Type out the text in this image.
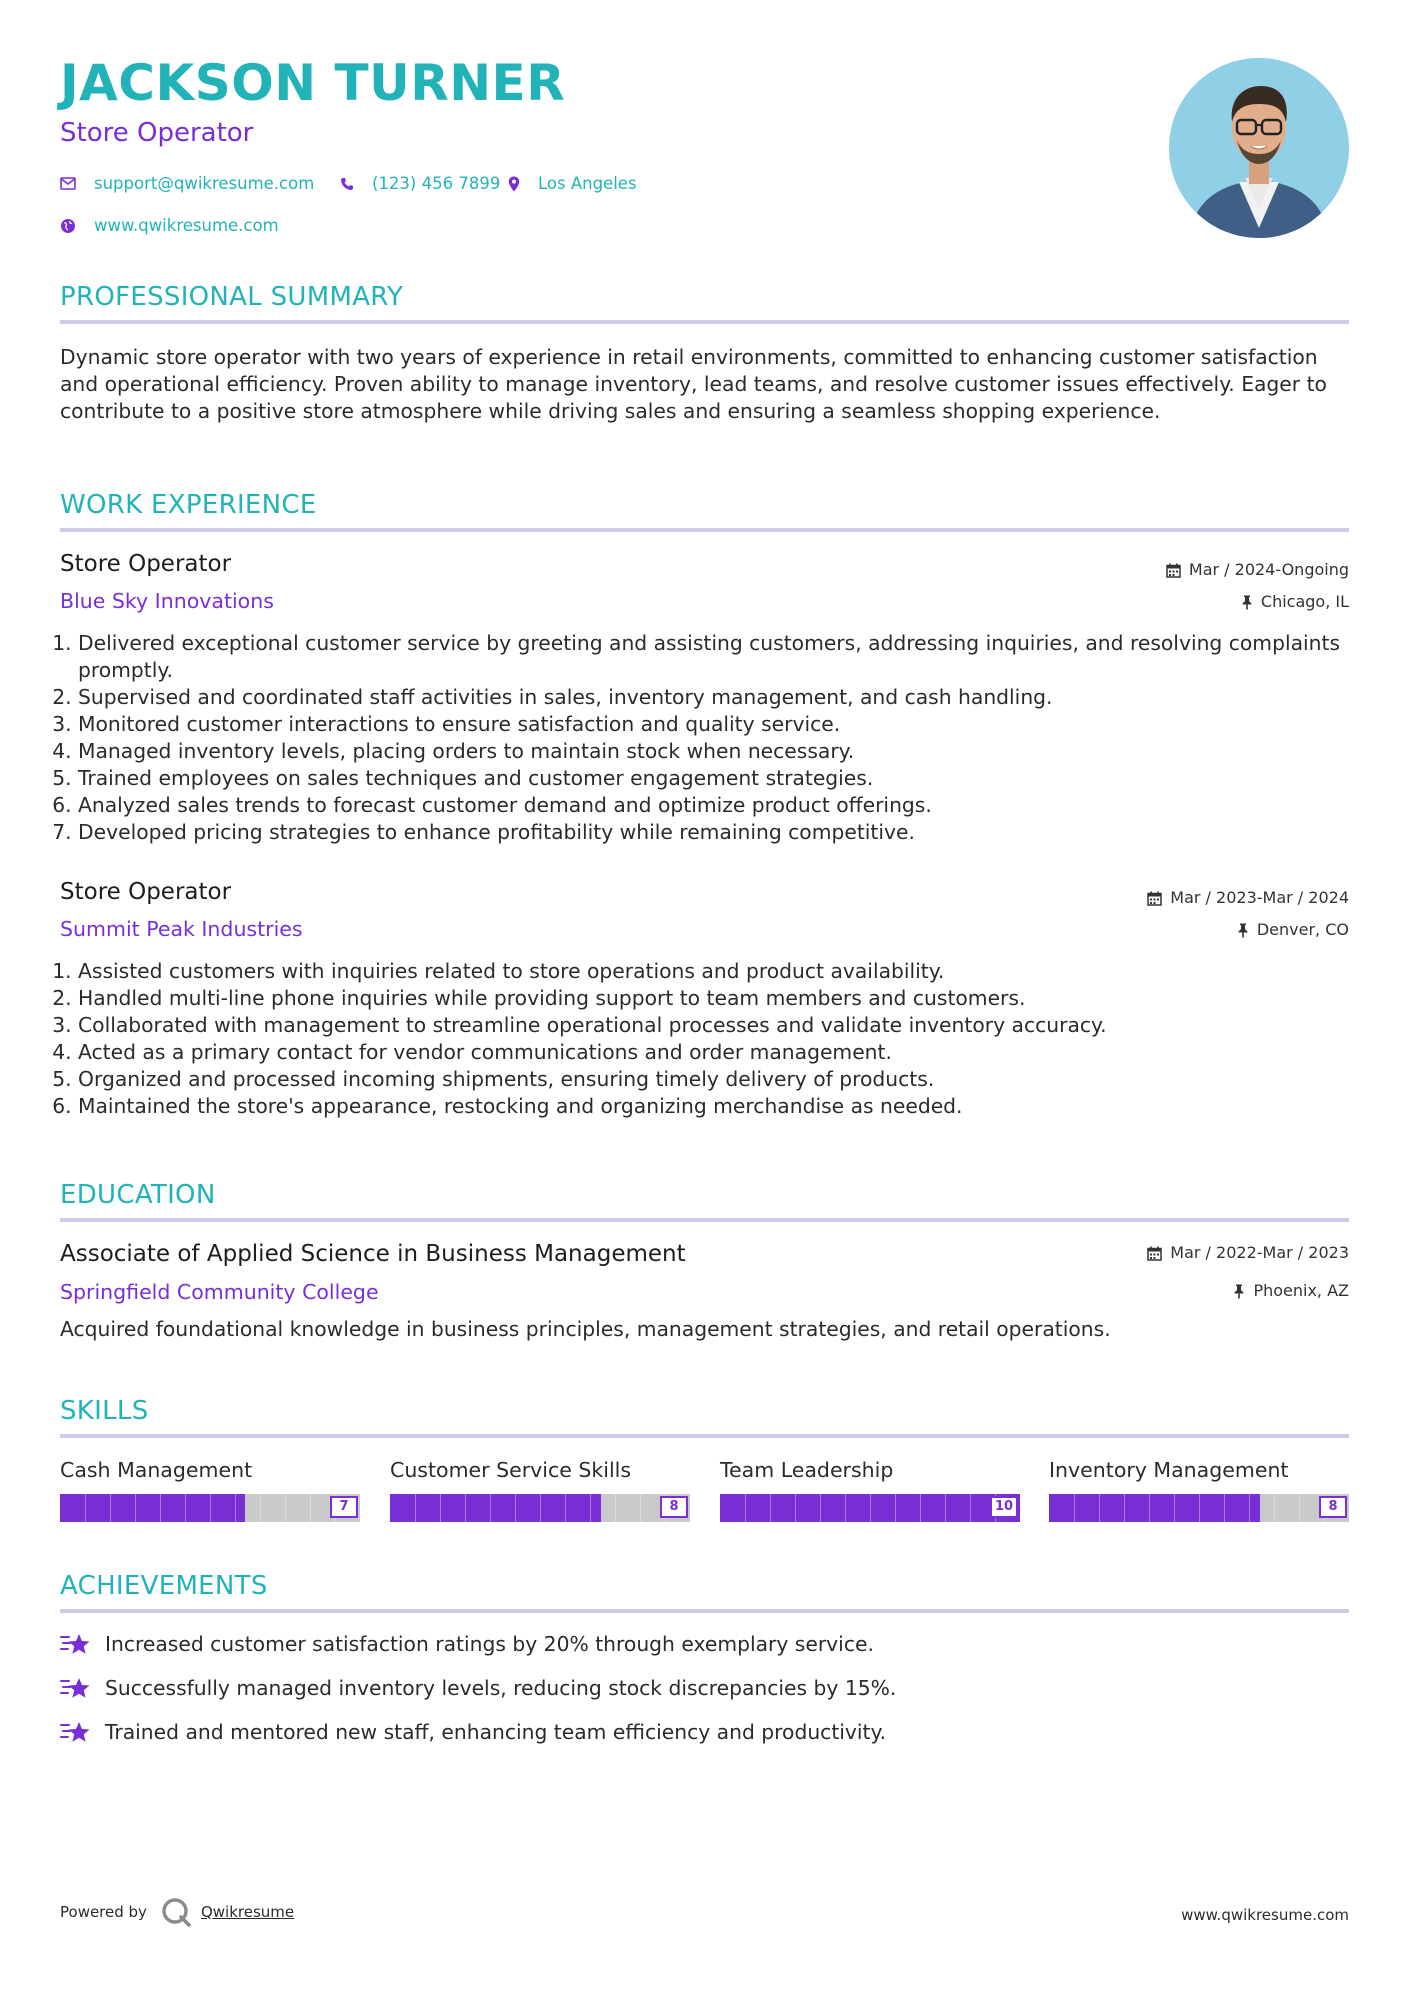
JACKSON TURNER
Store Operator
support@qwikresume.com	(123) 456 7899 Los Angeles
www.qwikresume.com
PROFESSIONAL SUMMARY
Dynamic store operator with two years of experience in retail environments, committed to enhancing customer satisfaction and operational efficiency. Proven ability to manage inventory, lead teams, and resolve customer issues effectively. Eager to contribute to a positive store atmosphere while driving sales and ensuring a seamless shopping experience.
WORK EXPERIENCE
Store Operator	Mar / 2024-Ongoing
Blue Sky Innovations	Chicago, IL
1. Delivered exceptional customer service by greeting and assisting customers, addressing inquiries, and resolving complaints promptly.
2. Supervised and coordinated staff activities in sales, inventory management, and cash handling.
3. Monitored customer interactions to ensure satisfaction and quality service.
4. Managed inventory levels, placing orders to maintain stock when necessary.
5. Trained employees on sales techniques and customer engagement strategies.
6. Analyzed sales trends to forecast customer demand and optimize product offerings.
7. Developed pricing strategies to enhance profitability while remaining competitive.
Store Operator	Mar / 2023-Mar / 2024
Summit Peak Industries	Denver, CO
1. Assisted customers with inquiries related to store operations and product availability.
2. Handled multi-line phone inquiries while providing support to team members and customers.
3. Collaborated with management to streamline operational processes and validate inventory accuracy.
4. Acted as a primary contact for vendor communications and order management.
5. Organized and processed incoming shipments, ensuring timely delivery of products.
6. Maintained the store's appearance, restocking and organizing merchandise as needed.
EDUCATION
Associate of Applied Science in Business Management	Mar / 2022-Mar / 2023
Springfield Community College	Phoenix, AZ
Acquired foundational knowledge in business principles, management strategies, and retail operations.
SKILLS
Cash Management
7
Customer Service Skills
8
Team Leadership
10
Inventory Management
8
ACHIEVEMENTS
Increased customer satisfaction ratings by 20% through exemplary service.
Successfully managed inventory levels, reducing stock discrepancies by 15%.
Trained and mentored new staff, enhancing team efficiency and productivity.
Powered by	Qwikresume	www.qwikresume.com
